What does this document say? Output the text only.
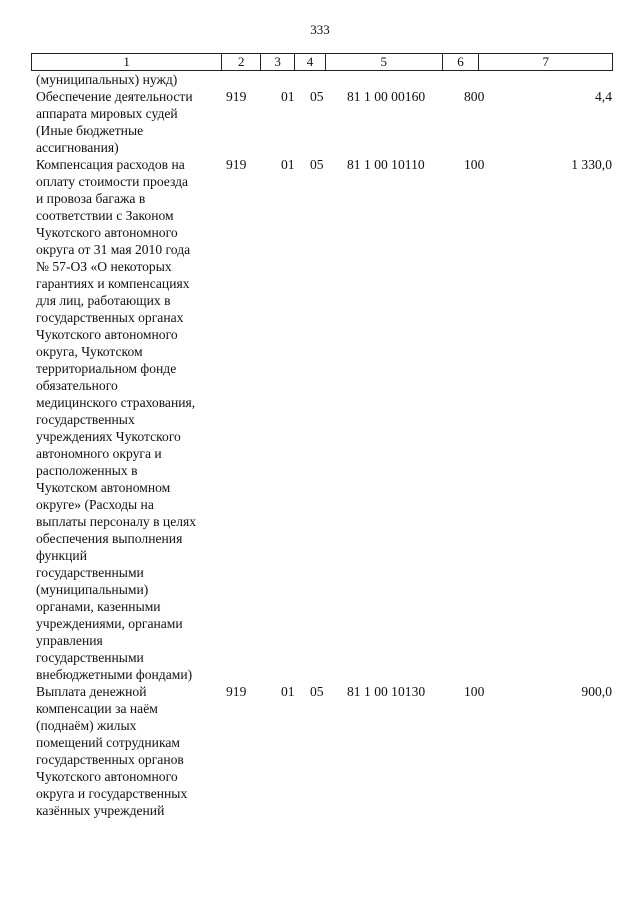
333
1	2	3	4	5	6	7
(муниципальных) нужд)
Обеспечение деятельности
аппарата мировых судей
(Иные бюджетные
ассигнования)
919	01	05	81 1 00 00160	800	4,4
Компенсация расходов на
оплату стоимости проезда
и провоза багажа в
соответствии с Законом
Чукотского автономного
округа от 31 мая 2010 года
№ 57-ОЗ «О некоторых
гарантиях и компенсациях
для лиц, работающих в
государственных органах
Чукотского автономного
округа, Чукотском
территориальном фонде
обязательного
медицинского страхования,
государственных
учреждениях Чукотского
автономного округа и
расположенных в
Чукотском автономном
округе» (Расходы на
выплаты персоналу в целях
обеспечения выполнения
функций
государственными
(муниципальными)
органами, казенными
учреждениями, органами
управления
государственными
внебюджетными фондами)
919	01	05	81 1 00 10110	100	1 330,0
Выплата денежной
компенсации за наём
(поднаём) жилых
помещений сотрудникам
государственных органов
Чукотского автономного
округа и государственных
казённых учреждений
919	01	05	81 1 00 10130	100	900,0
